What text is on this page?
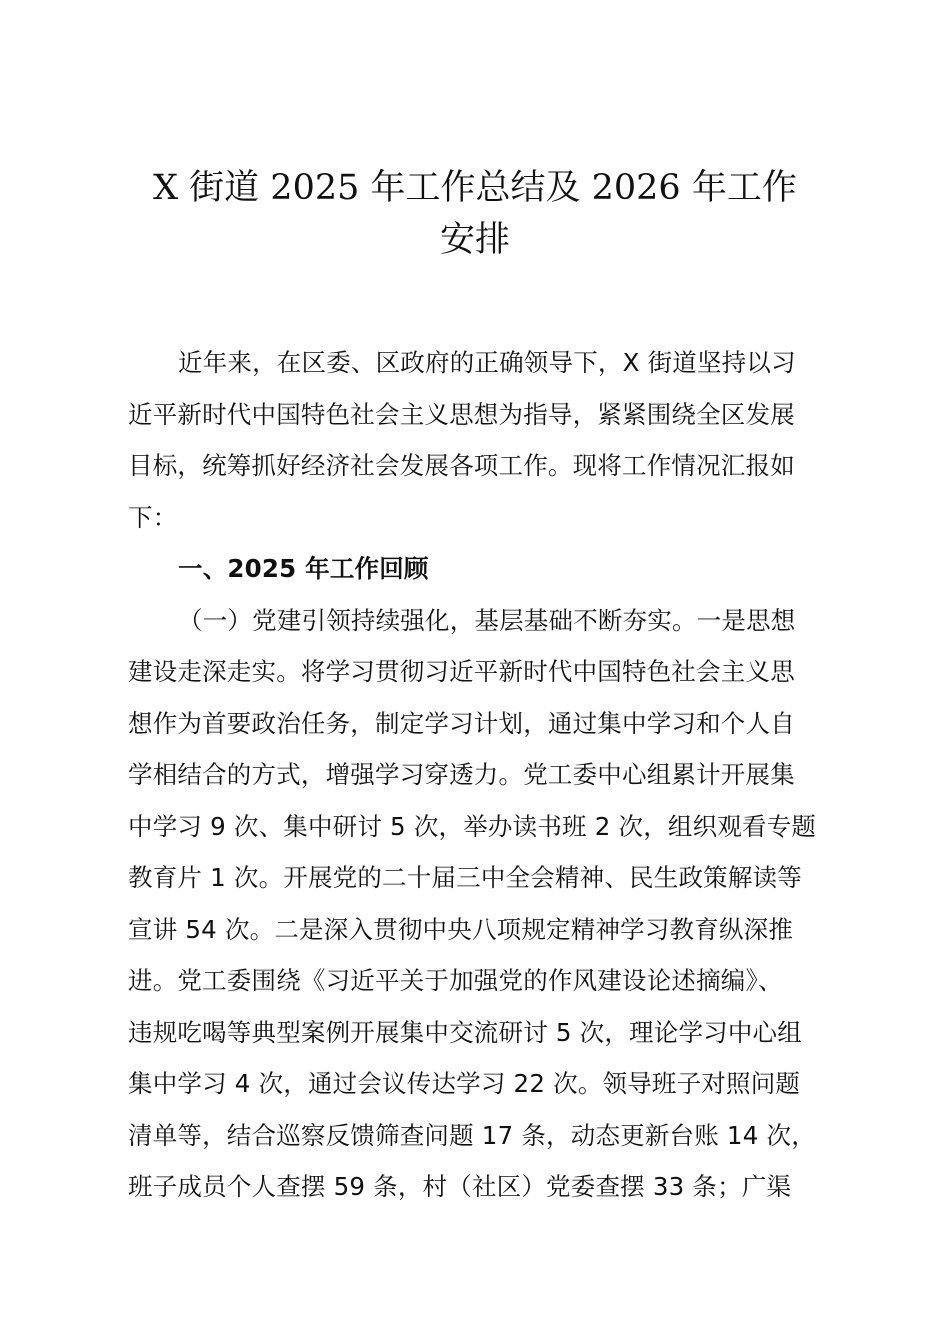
X 街道 2025 年工作总结及 2026 年工作
安排
近年来，在区委、区政府的正确领导下，X 街道坚持以习
近平新时代中国特色社会主义思想为指导，紧紧围绕全区发展
目标，统筹抓好经济社会发展各项工作。现将工作情况汇报如
下：
一、2025 年工作回顾
（一）党建引领持续强化，基层基础不断夯实。一是思想
建设走深走实。将学习贯彻习近平新时代中国特色社会主义思
想作为首要政治任务，制定学习计划，通过集中学习和个人自
学相结合的方式，增强学习穿透力。党工委中心组累计开展集
中学习 9 次、集中研讨 5 次，举办读书班 2 次，组织观看专题
教育片 1 次。开展党的二十届三中全会精神、民生政策解读等
宣讲 54 次。二是深入贯彻中央八项规定精神学习教育纵深推
进。党工委围绕《习近平关于加强党的作风建设论述摘编》、
违规吃喝等典型案例开展集中交流研讨 5 次，理论学习中心组
集中学习 4 次，通过会议传达学习 22 次。领导班子对照问题
清单等，结合巡察反馈筛查问题 17 条，动态更新台账 14 次，
班子成员个人查摆 59 条，村（社区）党委查摆 33 条；广渠
